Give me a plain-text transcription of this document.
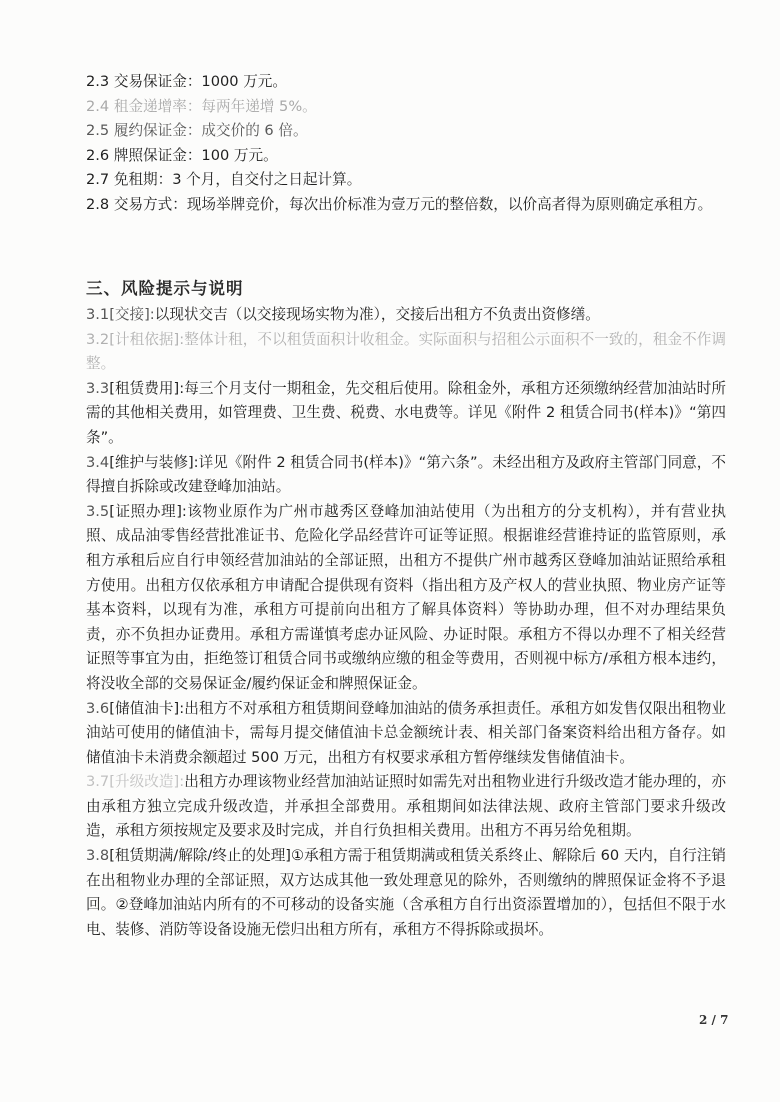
2.3 交易保证金：1000 万元。

2.4 租金递增率：每两年递增 5%。

2.5 履约保证金：成交价的 6 倍。

2.6 牌照保证金：100 万元。

2.7 免租期：3 个月，自交付之日起计算。

2.8 交易方式：现场举牌竞价，每次出价标准为壹万元的整倍数，以价高者得为原则确定承租方。

三、风险提示与说明

3.1[交接]:以现状交吉（以交接现场实物为准），交接后出租方不负责出资修缮。

3.2[计租依据]:整体计租，不以租赁面积计收租金。实际面积与招租公示面积不一致的，租金不作调整。

3.3[租赁费用]:每三个月支付一期租金，先交租后使用。除租金外，承租方还须缴纳经营加油站时所需的其他相关费用，如管理费、卫生费、税费、水电费等。详见《附件 2 租赁合同书(样本)》“第四条”。

3.4[维护与装修]:详见《附件 2 租赁合同书(样本)》“第六条”。未经出租方及政府主管部门同意，不得擅自拆除或改建登峰加油站。

3.5[证照办理]:该物业原作为广州市越秀区登峰加油站使用（为出租方的分支机构），并有营业执照、成品油零售经营批准证书、危险化学品经营许可证等证照。根据谁经营谁持证的监管原则，承租方承租后应自行申领经营加油站的全部证照，出租方不提供广州市越秀区登峰加油站证照给承租方使用。出租方仅依承租方申请配合提供现有资料（指出租方及产权人的营业执照、物业房产证等基本资料，以现有为准，承租方可提前向出租方了解具体资料）等协助办理，但不对办理结果负责，亦不负担办证费用。承租方需谨慎考虑办证风险、办证时限。承租方不得以办理不了相关经营证照等事宜为由，拒绝签订租赁合同书或缴纳应缴的租金等费用，否则视中标方/承租方根本违约，将没收全部的交易保证金/履约保证金和牌照保证金。

3.6[储值油卡]:出租方不对承租方租赁期间登峰加油站的债务承担责任。承租方如发售仅限出租物业油站可使用的储值油卡，需每月提交储值油卡总金额统计表、相关部门备案资料给出租方备存。如储值油卡未消费余额超过 500 万元，出租方有权要求承租方暂停继续发售储值油卡。

3.7[升级改造]:出租方办理该物业经营加油站证照时如需先对出租物业进行升级改造才能办理的，亦由承租方独立完成升级改造，并承担全部费用。承租期间如法律法规、政府主管部门要求升级改造，承租方须按规定及要求及时完成，并自行负担相关费用。出租方不再另给免租期。

3.8[租赁期满/解除/终止的处理]①承租方需于租赁期满或租赁关系终止、解除后 60 天内，自行注销在出租物业办理的全部证照，双方达成其他一致处理意见的除外，否则缴纳的牌照保证金将不予退回。②登峰加油站内所有的不可移动的设备实施（含承租方自行出资添置增加的），包括但不限于水电、装修、消防等设备设施无偿归出租方所有，承租方不得拆除或损坏。

2 / 7
